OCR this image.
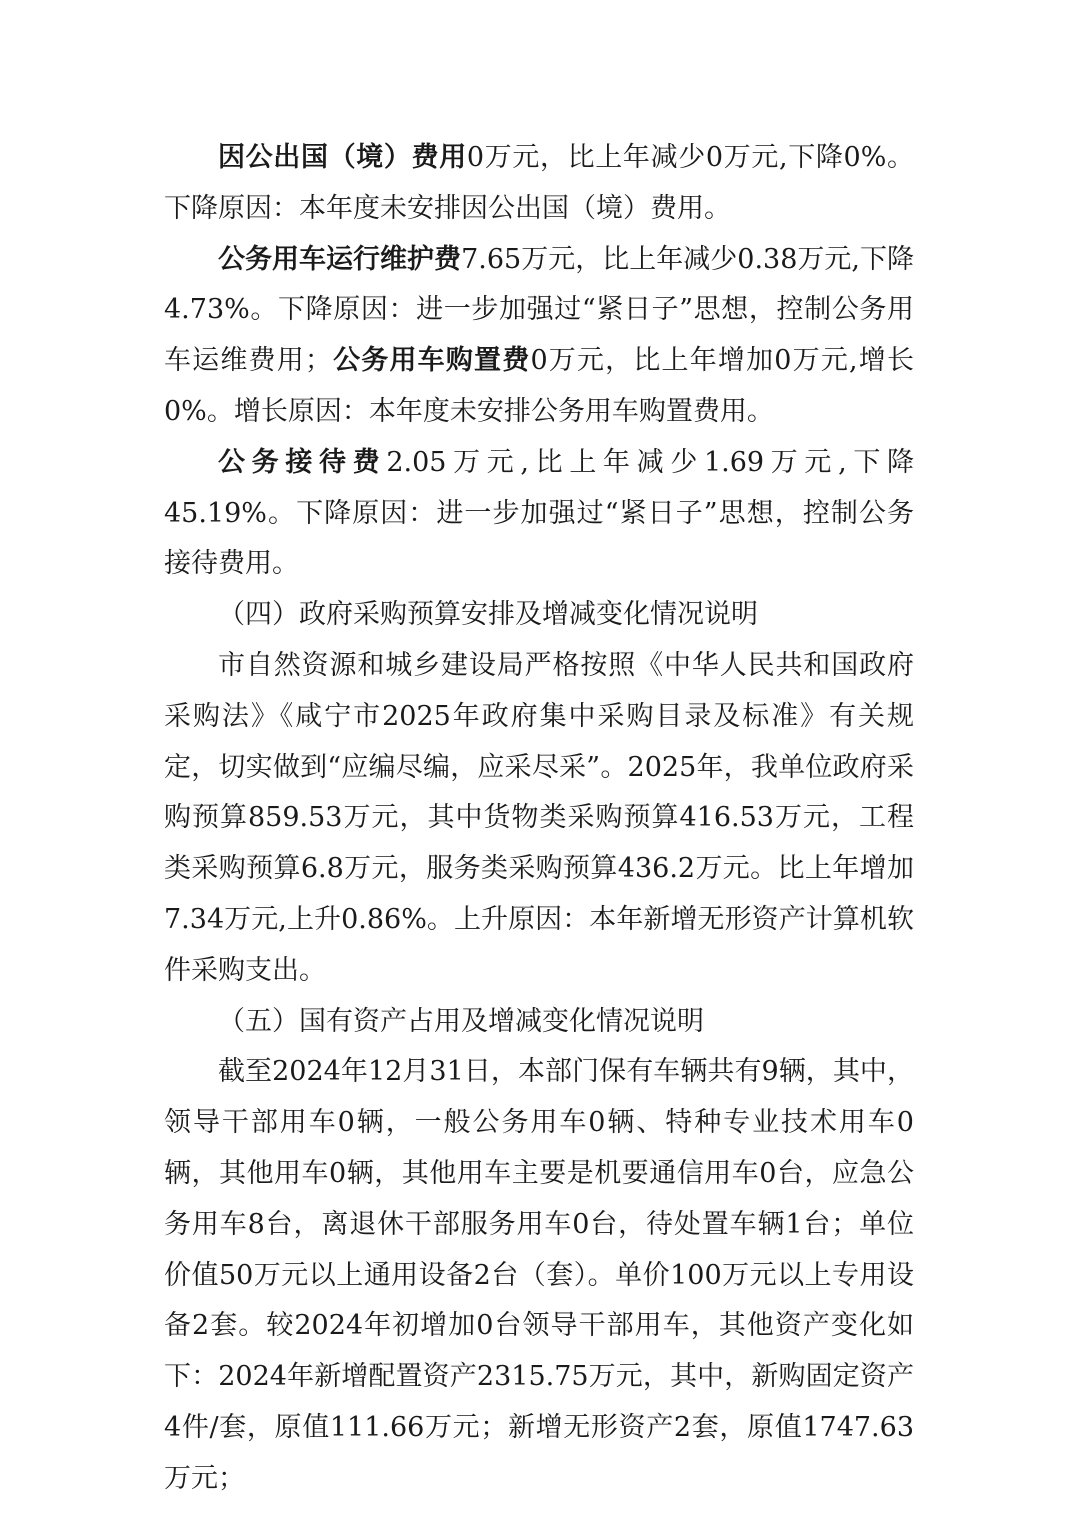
因公出国（境）费用0万元，比上年减少0万元,下降0%。下降原因：本年度未安排因公出国（境）费用。

公务用车运行维护费7.65万元，比上年减少0.38万元,下降4.73%。下降原因：进一步加强过“紧日子”思想，控制公务用车运维费用；公务用车购置费0万元，比上年增加0万元,增长0%。增长原因：本年度未安排公务用车购置费用。

公务接待费2.05万元,比上年减少1.69万元,下降45.19%。下降原因：进一步加强过“紧日子”思想，控制公务接待费用。

（四）政府采购预算安排及增减变化情况说明

市自然资源和城乡建设局严格按照《中华人民共和国政府采购法》《咸宁市2025年政府集中采购目录及标准》有关规定，切实做到“应编尽编，应采尽采”。2025年，我单位政府采购预算859.53万元，其中货物类采购预算416.53万元，工程类采购预算6.8万元，服务类采购预算436.2万元。比上年增加7.34万元,上升0.86%。上升原因：本年新增无形资产计算机软件采购支出。

（五）国有资产占用及增减变化情况说明

截至2024年12月31日，本部门保有车辆共有9辆，其中，领导干部用车0辆，一般公务用车0辆、特种专业技术用车0辆，其他用车0辆，其他用车主要是机要通信用车0台，应急公务用车8台，离退休干部服务用车0台，待处置车辆1台；单位价值50万元以上通用设备2台（套）。单价100万元以上专用设备2套。较2024年初增加0台领导干部用车，其他资产变化如下：2024年新增配置资产2315.75万元，其中，新购固定资产4件/套，原值111.66万元；新增无形资产2套，原值1747.63万元；
